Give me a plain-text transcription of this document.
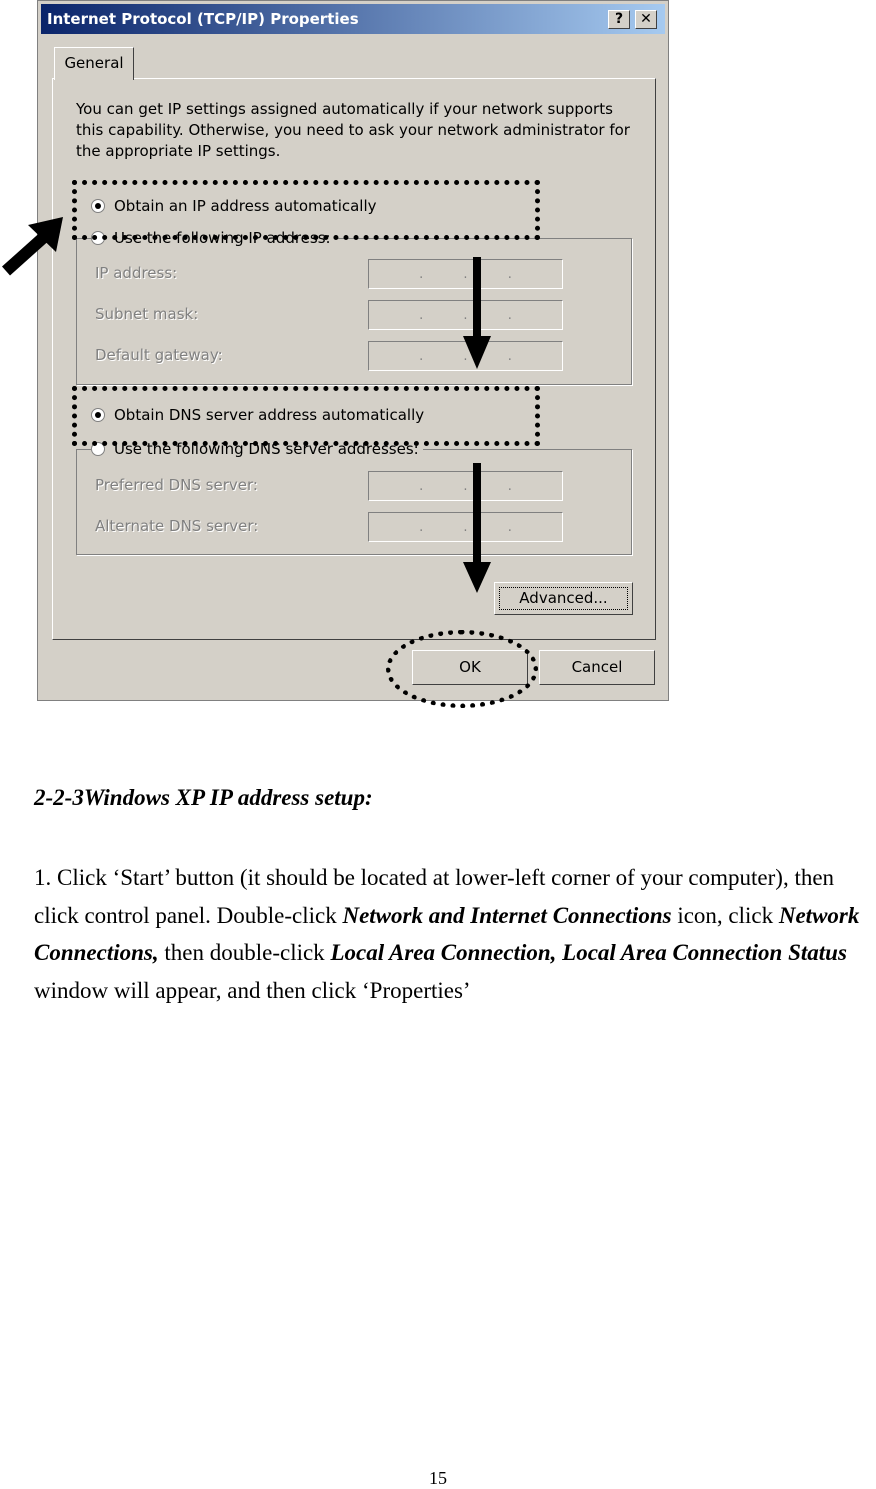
Internet Protocol (TCP/IP) Properties	?	✕
General
You can get IP settings assigned automatically if your network supports this capability. Otherwise, you need to ask your network administrator for the appropriate IP settings.
Obtain an IP address automatically
Use the following IP address:
IP address:	.	.	.
Subnet mask:	.	.	.
Default gateway:	.	.	.
Obtain DNS server address automatically
Use the following DNS server addresses:
Preferred DNS server:	.	.	.
Alternate DNS server:	.	.	.
Advanced...
OK	Cancel
2-2-3Windows XP IP address setup:
1. Click ‘Start’ button (it should be located at lower-left corner of your computer), then click control panel. Double-click Network and Internet Connections icon, click Network Connections, then double-click Local Area Connection, Local Area Connection Status window will appear, and then click ‘Properties’
15
